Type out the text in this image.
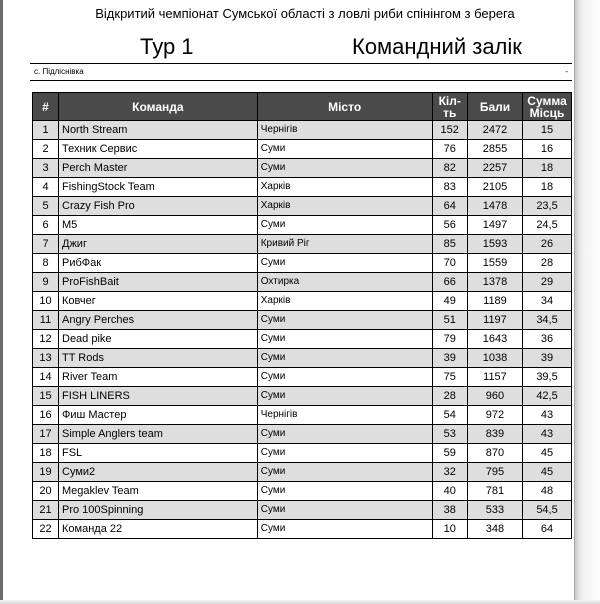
Відкритий чемпіонат Сумської області з ловлі риби спінінгом з берега
Тур 1	Командний залік
с. Підліснівка	-
#	Команда	Місто	Кіл-ть	Бали	Сумма
Місць
1	North Stream	Чернігів	152	2472	15
2	Техник Сервис	Суми	76	2855	16
3	Perch Master	Суми	82	2257	18
4	FishingStock Team	Харків	83	2105	18
5	Crazy Fish Pro	Харків	64	1478	23,5
6	M5	Суми	56	1497	24,5
7	Джиг	Кривий Ріг	85	1593	26
8	РибФак	Суми	70	1559	28
9	ProFishBait	Охтирка	66	1378	29
10	Ковчег	Харків	49	1189	34
11	Angry Perches	Суми	51	1197	34,5
12	Dead pike	Суми	79	1643	36
13	TT Rods	Суми	39	1038	39
14	River Team	Суми	75	1157	39,5
15	FISH LINERS	Суми	28	960	42,5
16	Фиш Мастер	Чернігів	54	972	43
17	Simple Anglers team	Суми	53	839	43
18	FSL	Суми	59	870	45
19	Суми2	Суми	32	795	45
20	Megaklev Team	Суми	40	781	48
21	Pro 100Spinning	Суми	38	533	54,5
22	Команда 22	Суми	10	348	64
